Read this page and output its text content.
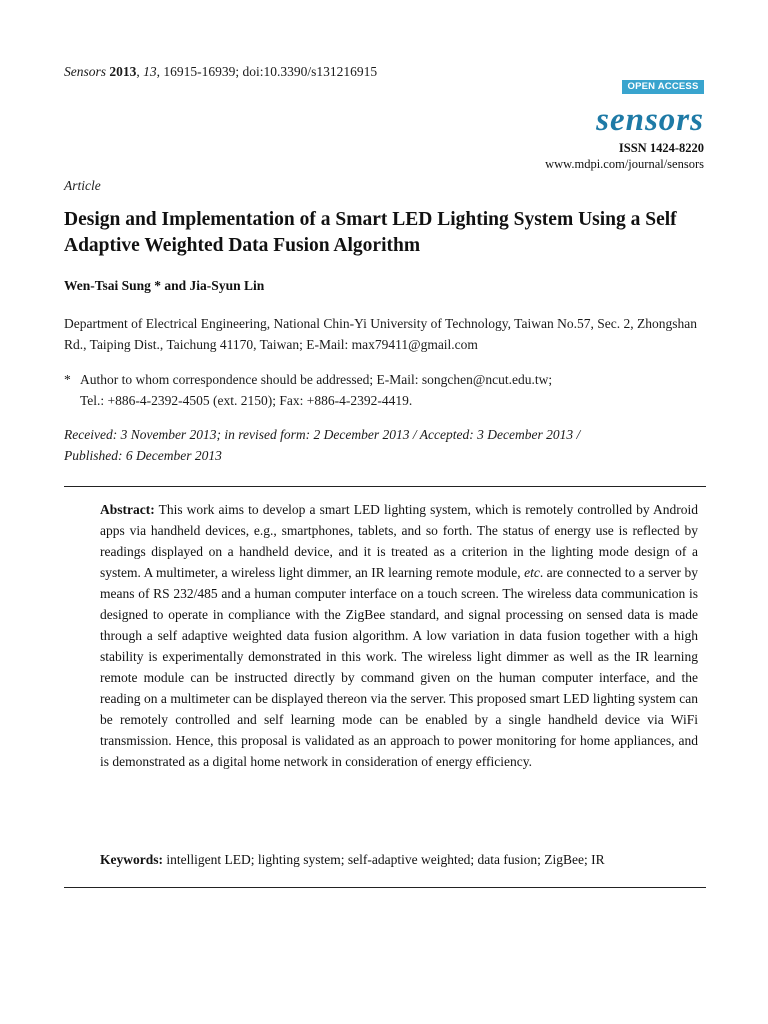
Sensors 2013, 13, 16915-16939; doi:10.3390/s131216915
OPEN ACCESS
sensors
ISSN 1424-8220
www.mdpi.com/journal/sensors
Article
Design and Implementation of a Smart LED Lighting System Using a Self Adaptive Weighted Data Fusion Algorithm
Wen-Tsai Sung * and Jia-Syun Lin
Department of Electrical Engineering, National Chin-Yi University of Technology, Taiwan No.57, Sec. 2, Zhongshan Rd., Taiping Dist., Taichung 41170, Taiwan; E-Mail: max79411@gmail.com
* Author to whom correspondence should be addressed; E-Mail: songchen@ncut.edu.tw;
Tel.: +886-4-2392-4505 (ext. 2150); Fax: +886-4-2392-4419.
Received: 3 November 2013; in revised form: 2 December 2013 / Accepted: 3 December 2013 /
Published: 6 December 2013
Abstract: This work aims to develop a smart LED lighting system, which is remotely controlled by Android apps via handheld devices, e.g., smartphones, tablets, and so forth. The status of energy use is reflected by readings displayed on a handheld device, and it is treated as a criterion in the lighting mode design of a system. A multimeter, a wireless light dimmer, an IR learning remote module, etc. are connected to a server by means of RS 232/485 and a human computer interface on a touch screen. The wireless data communication is designed to operate in compliance with the ZigBee standard, and signal processing on sensed data is made through a self adaptive weighted data fusion algorithm. A low variation in data fusion together with a high stability is experimentally demonstrated in this work. The wireless light dimmer as well as the IR learning remote module can be instructed directly by command given on the human computer interface, and the reading on a multimeter can be displayed thereon via the server. This proposed smart LED lighting system can be remotely controlled and self learning mode can be enabled by a single handheld device via WiFi transmission. Hence, this proposal is validated as an approach to power monitoring for home appliances, and is demonstrated as a digital home network in consideration of energy efficiency.
Keywords: intelligent LED; lighting system; self-adaptive weighted; data fusion; ZigBee; IR
